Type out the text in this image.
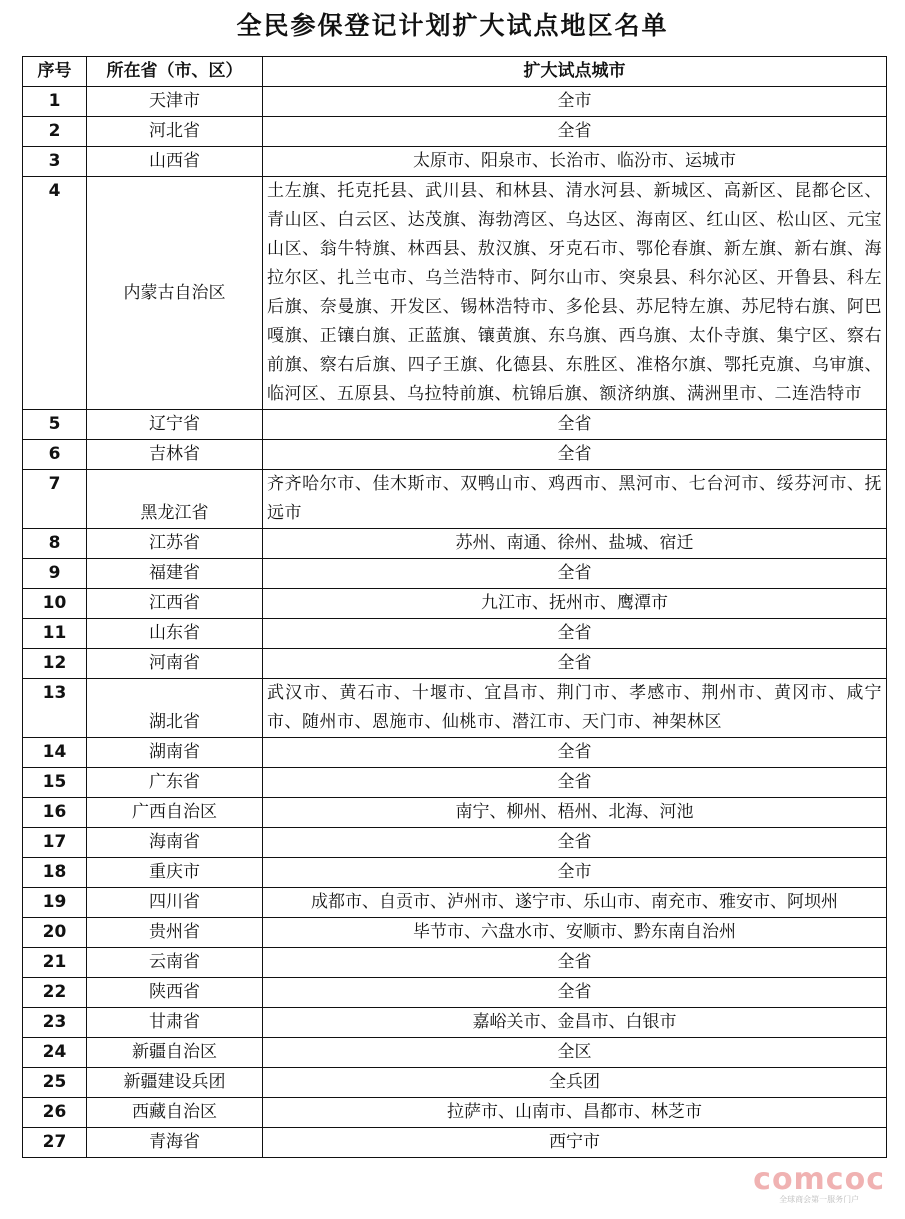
全民参保登记计划扩大试点地区名单
序号	所在省（市、区）	扩大试点城市
1	天津市	全市
2	河北省	全省
3	山西省	太原市、阳泉市、长治市、临汾市、运城市
4	内蒙古自治区	土左旗、托克托县、武川县、和林县、清水河县、新城区、高新区、昆都仑区、青山区、白云区、达茂旗、海勃湾区、乌达区、海南区、红山区、松山区、元宝山区、翁牛特旗、林西县、敖汉旗、牙克石市、鄂伦春旗、新左旗、新右旗、海拉尔区、扎兰屯市、乌兰浩特市、阿尔山市、突泉县、科尔沁区、开鲁县、科左后旗、奈曼旗、开发区、锡林浩特市、多伦县、苏尼特左旗、苏尼特右旗、阿巴嘎旗、正镶白旗、正蓝旗、镶黄旗、东乌旗、西乌旗、太仆寺旗、集宁区、察右前旗、察右后旗、四子王旗、化德县、东胜区、准格尔旗、鄂托克旗、乌审旗、临河区、五原县、乌拉特前旗、杭锦后旗、额济纳旗、满洲里市、二连浩特市
5	辽宁省	全省
6	吉林省	全省
7	黑龙江省	齐齐哈尔市、佳木斯市、双鸭山市、鸡西市、黑河市、七台河市、绥芬河市、抚远市
8	江苏省	苏州、南通、徐州、盐城、宿迁
9	福建省	全省
10	江西省	九江市、抚州市、鹰潭市
11	山东省	全省
12	河南省	全省
13	湖北省	武汉市、黄石市、十堰市、宜昌市、荆门市、孝感市、荆州市、黄冈市、咸宁市、随州市、恩施市、仙桃市、潜江市、天门市、神架林区
14	湖南省	全省
15	广东省	全省
16	广西自治区	南宁、柳州、梧州、北海、河池
17	海南省	全省
18	重庆市	全市
19	四川省	成都市、自贡市、泸州市、遂宁市、乐山市、南充市、雅安市、阿坝州
20	贵州省	毕节市、六盘水市、安顺市、黔东南自治州
21	云南省	全省
22	陕西省	全省
23	甘肃省	嘉峪关市、金昌市、白银市
24	新疆自治区	全区
25	新疆建设兵团	全兵团
26	西藏自治区	拉萨市、山南市、昌都市、林芝市
27	青海省	西宁市
comcoc
全球商会第一服务门户
